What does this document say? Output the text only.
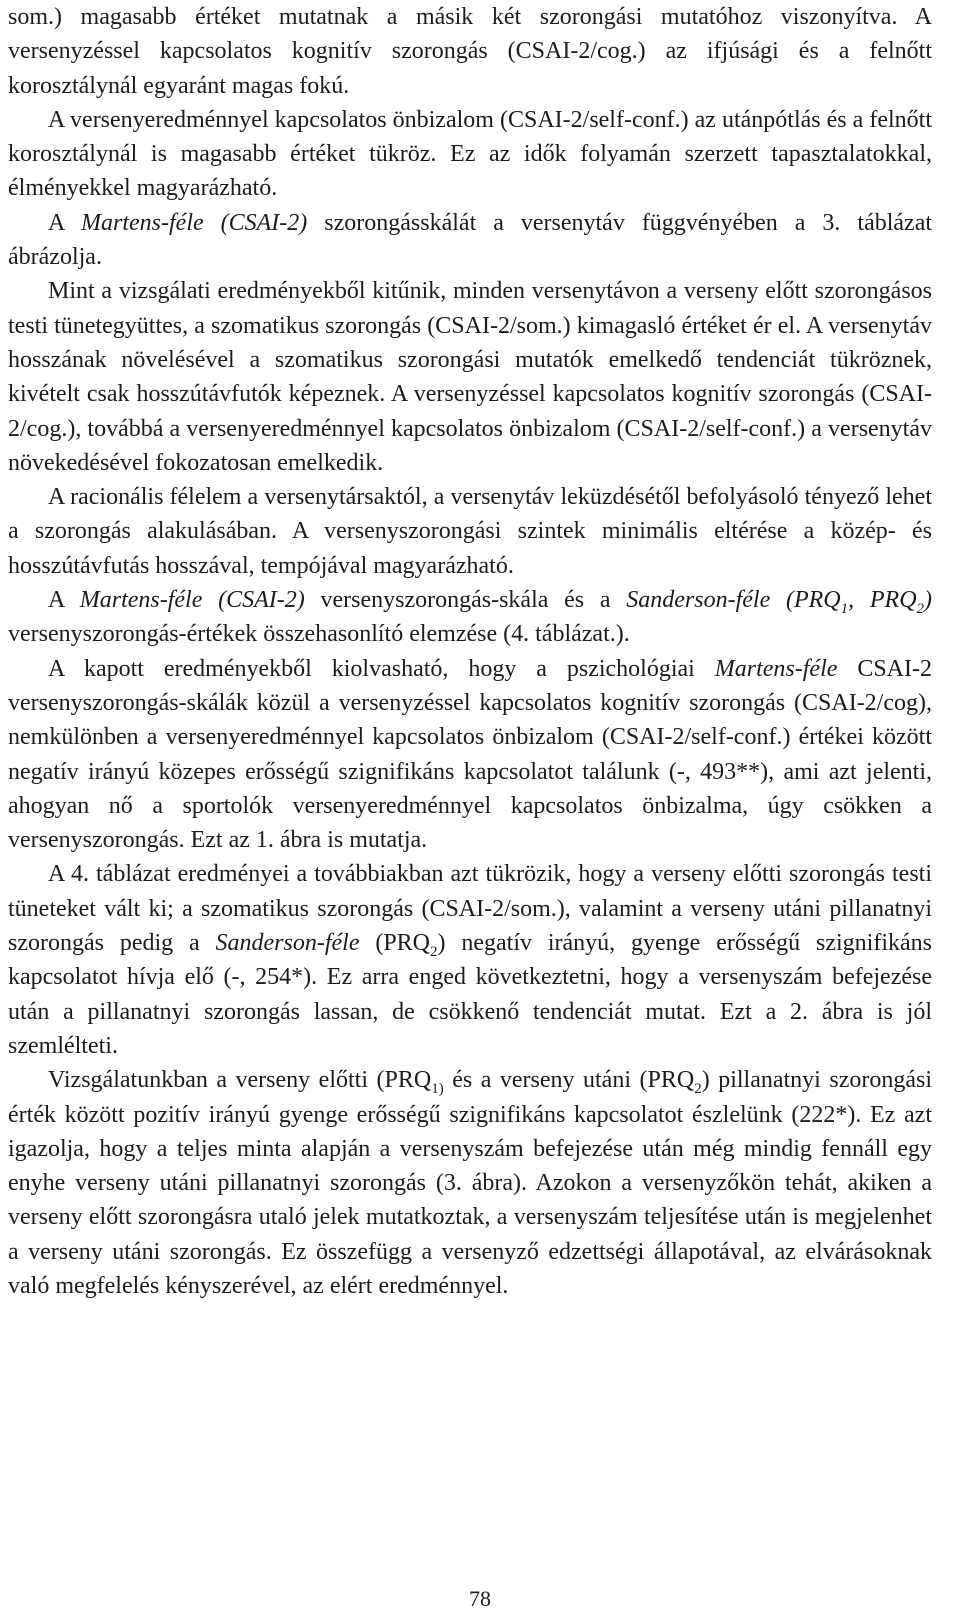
som.) magasabb értéket mutatnak a másik két szorongási mutatóhoz viszonyítva. A versenyzéssel kapcsolatos kognitív szorongás (CSAI-2/cog.) az ifjúsági és a felnőtt korosztálynál egyaránt magas fokú.

A versenyeredménnyel kapcsolatos önbizalom (CSAI-2/self-conf.) az utánpótlás és a felnőtt korosztálynál is magasabb értéket tükröz. Ez az idők folyamán szerzett tapasztalatokkal, élményekkel magyarázható.

A Martens-féle (CSAI-2) szorongásskálát a versenytáv függvényében a 3. táblázat ábrázolja.

Mint a vizsgálati eredményekből kitűnik, minden versenytávon a verseny előtt szorongásos testi tünetegyüttes, a szomatikus szorongás (CSAI-2/som.) kimagasló értéket ér el. A versenytáv hosszának növelésével a szomatikus szorongási mutatók emelkedő tendenciát tükröznek, kivételt csak hosszútávfutók képeznek. A versenyzéssel kapcsolatos kognitív szorongás (CSAI-2/cog.), továbbá a versenyeredménnyel kapcsolatos önbizalom (CSAI-2/self-conf.) a versenytáv növekedésével fokozatosan emelkedik.

A racionális félelem a versenytársaktól, a versenytáv leküzdésétől befolyásoló tényező lehet a szorongás alakulásában. A versenyszorongási szintek minimális eltérése a közép- és hosszútávfutás hosszával, tempójával magyarázható.

A Martens-féle (CSAI-2) versenyszorongás-skála és a Sanderson-féle ($PRQ_1$, $PRQ_2$) versenyszorongás-értékek összehasonlító elemzése (4. táblázat.).

A kapott eredményekből kiolvasható, hogy a pszichológiai Martens-féle CSAI-2 versenyszorongás-skálák közül a versenyzéssel kapcsolatos kognitív szorongás (CSAI-2/cog), nemkülönben a versenyeredménnyel kapcsolatos önbizalom (CSAI-2/self-conf.) értékei között negatív irányú közepes erősségű szignifikáns kapcsolatot találunk (-, 493**), ami azt jelenti, ahogyan nő a sportolók versenyeredménnyel kapcsolatos önbizalma, úgy csökken a versenyszorongás. Ezt az 1. ábra is mutatja.

A 4. táblázat eredményei a továbbiakban azt tükrözik, hogy a verseny előtti szorongás testi tüneteket vált ki; a szomatikus szorongás (CSAI-2/som.), valamint a verseny utáni pillanatnyi szorongás pedig a Sanderson-féle $(PRQ_2)$ negatív irányú, gyenge erősségű szignifikáns kapcsolatot hívja elő (-, 254*). Ez arra enged következtetni, hogy a versenyszám befejezése után a pillanatnyi szorongás lassan, de csökkenő tendenciát mutat. Ezt a 2. ábra is jól szemlélteti.

Vizsgálatunkban a verseny előtti ($PRQ_{1)}$ és a verseny utáni $(PRQ_2)$ pillanatnyi szorongási érték között pozitív irányú gyenge erősségű szignifikáns kapcsolatot észlelünk (222*). Ez azt igazolja, hogy a teljes minta alapján a versenyszám befejezése után még mindig fennáll egy enyhe verseny utáni pillanatnyi szorongás (3. ábra). Azokon a versenyzőkön tehát, akiken a verseny előtt szorongásra utaló jelek mutatkoztak, a versenyszám teljesítése után is megjelenhet a verseny utáni szorongás. Ez összefügg a versenyző edzettségi állapotával, az elvárásoknak való megfelelés kényszerével, az elért eredménnyel.

78
